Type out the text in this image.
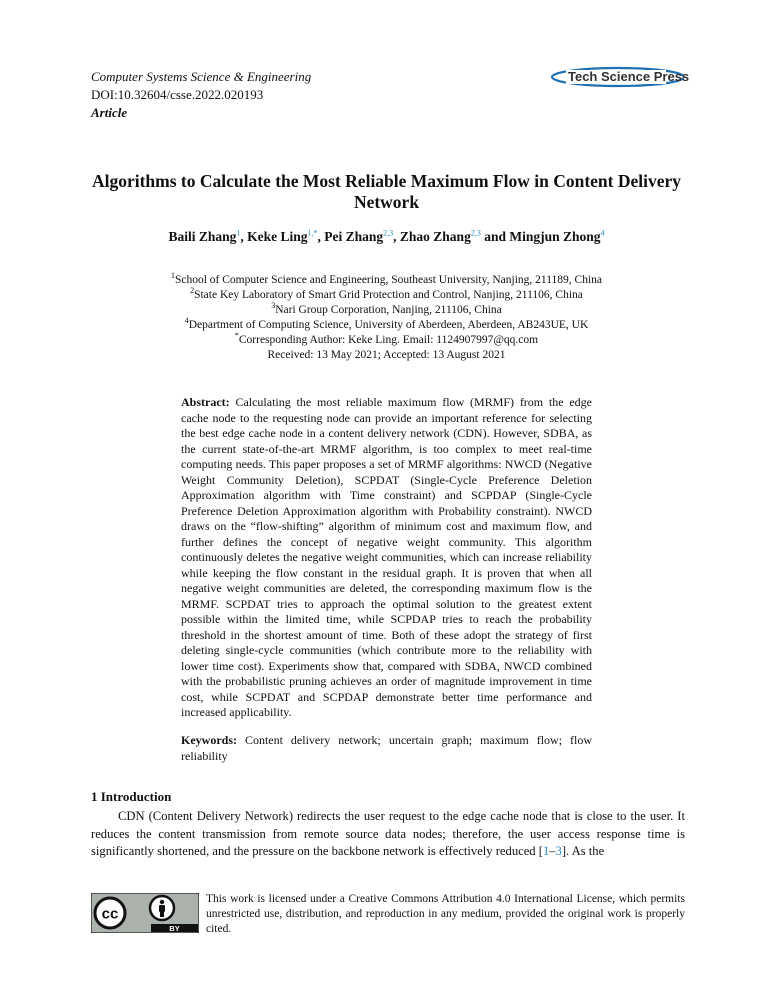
Computer Systems Science & Engineering
DOI:10.32604/csse.2022.020193
Article
Tech Science Press
Algorithms to Calculate the Most Reliable Maximum Flow in Content Delivery Network
Baili Zhang$^1$, Keke Ling$^{1,*}$, Pei Zhang$^{2,3}$, Zhao Zhang$^{2,3}$ and Mingjun Zhong$^4$
$^1$School of Computer Science and Engineering, Southeast University, Nanjing, 211189, China
$^2$State Key Laboratory of Smart Grid Protection and Control, Nanjing, 211106, China
$^3$Nari Group Corporation, Nanjing, 211106, China
$^4$Department of Computing Science, University of Aberdeen, Aberdeen, AB243UE, UK
*Corresponding Author: Keke Ling. Email: 1124907997@qq.com
Received: 13 May 2021; Accepted: 13 August 2021
Abstract: Calculating the most reliable maximum flow (MRMF) from the edge cache node to the requesting node can provide an important reference for selecting the best edge cache node in a content delivery network (CDN). However, SDBA, as the current state-of-the-art MRMF algorithm, is too complex to meet real-time computing needs. This paper proposes a set of MRMF algorithms: NWCD (Negative Weight Community Deletion), SCPDAT (Single-Cycle Preference Deletion Approximation algorithm with Time constraint) and SCPDAP (Single-Cycle Preference Deletion Approximation algorithm with Probability constraint). NWCD draws on the “flow-shifting” algorithm of minimum cost and maximum flow, and further defines the concept of negative weight community. This algorithm continuously deletes the negative weight communities, which can increase reliability while keeping the flow constant in the residual graph. It is proven that when all negative weight communities are deleted, the corresponding maximum flow is the MRMF. SCPDAT tries to approach the optimal solution to the greatest extent possible within the limited time, while SCPDAP tries to reach the probability threshold in the shortest amount of time. Both of these adopt the strategy of first deleting single-cycle communities (which contribute more to the reliability with lower time cost). Experiments show that, compared with SDBA, NWCD combined with the probabilistic pruning achieves an order of magnitude improvement in time cost, while SCPDAT and SCPDAP demonstrate better time performance and increased applicability.
Keywords: Content delivery network; uncertain graph; maximum flow; flow reliability
1 Introduction
CDN (Content Delivery Network) redirects the user request to the edge cache node that is close to the user. It reduces the content transmission from remote source data nodes; therefore, the user access response time is significantly shortened, and the pressure on the backbone network is effectively reduced [1–3]. As the
BY
cc
This work is licensed under a Creative Commons Attribution 4.0 International License, which permits unrestricted use, distribution, and reproduction in any medium, provided the original work is properly cited.
